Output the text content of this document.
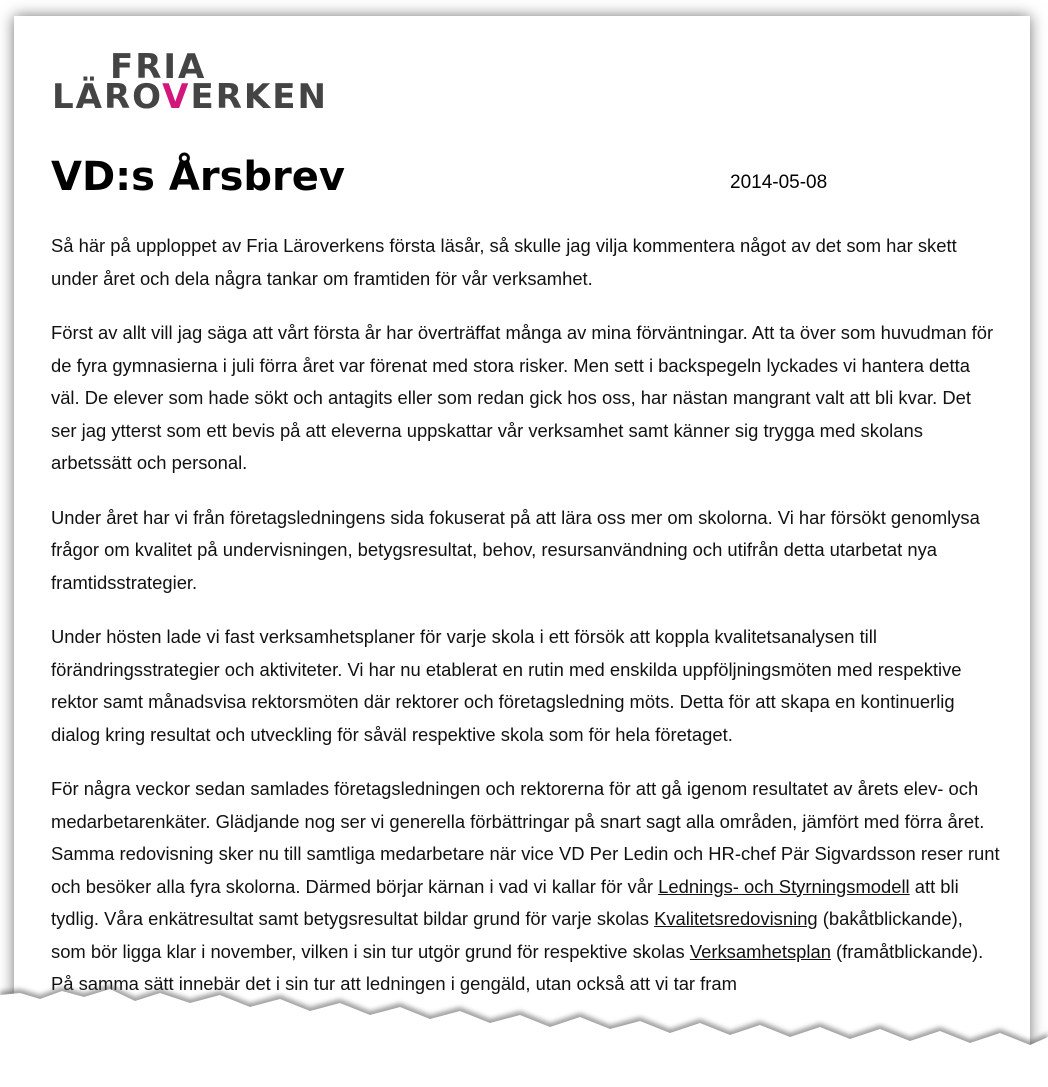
FRIA
LÄROVERKEN
VD:s Årsbrev	2014-05-08

Så här på upploppet av Fria Läroverkens första läsår, så skulle jag vilja kommentera något av det som har skett under året och dela några tankar om framtiden för vår verksamhet.

Först av allt vill jag säga att vårt första år har överträffat många av mina förväntningar. Att ta över som huvudman för de fyra gymnasierna i juli förra året var förenat med stora risker. Men sett i backspegeln lyckades vi hantera detta väl. De elever som hade sökt och antagits eller som redan gick hos oss, har nästan mangrant valt att bli kvar. Det ser jag ytterst som ett bevis på att eleverna uppskattar vår verksamhet samt känner sig trygga med skolans arbetssätt och personal.

Under året har vi från företagsledningens sida fokuserat på att lära oss mer om skolorna. Vi har försökt genomlysa frågor om kvalitet på undervisningen, betygsresultat, behov, resursanvändning och utifrån detta utarbetat nya framtidsstrategier.

Under hösten lade vi fast verksamhetsplaner för varje skola i ett försök att koppla kvalitetsanalysen till förändringsstrategier och aktiviteter. Vi har nu etablerat en rutin med enskilda uppföljningsmöten med respektive rektor samt månadsvisa rektorsmöten där rektorer och företagsledning möts. Detta för att skapa en kontinuerlig dialog kring resultat och utveckling för såväl respektive skola som för hela företaget.

För några veckor sedan samlades företagsledningen och rektorerna för att gå igenom resultatet av årets elev- och medarbetarenkäter. Glädjande nog ser vi generella förbättringar på snart sagt alla områden, jämfört med förra året. Samma redovisning sker nu till samtliga medarbetare när vice VD Per Ledin och HR-chef Pär Sigvardsson reser runt och besöker alla fyra skolorna. Därmed börjar kärnan i vad vi kallar för vår Lednings- och Styrningsmodell att bli tydlig. Våra enkätresultat samt betygsresultat bildar grund för varje skolas Kvalitetsredovisning (bakåtblickande), som bör ligga klar i november, vilken i sin tur utgör grund för respektive skolas Verksamhetsplan (framåtblickande). På samma sätt innebär det i sin tur att ledningen i gengäld, utan också att vi tar fram
